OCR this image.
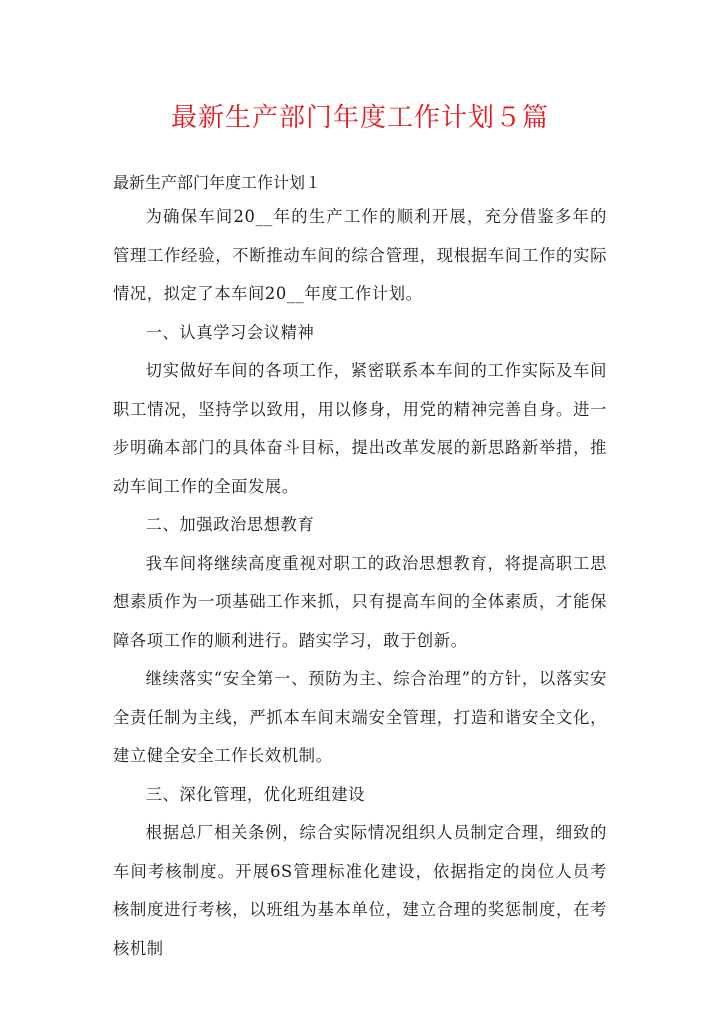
最新生产部门年度工作计划５篇
最新生产部门年度工作计划１

为确保车间20__年的生产工作的顺利开展，充分借鉴多年的管理工作经验，不断推动车间的综合管理，现根据车间工作的实际情况，拟定了本车间20__年度工作计划。

一、认真学习会议精神

切实做好车间的各项工作，紧密联系本车间的工作实际及车间职工情况，坚持学以致用，用以修身，用党的精神完善自身。进一步明确本部门的具体奋斗目标，提出改革发展的新思路新举措，推动车间工作的全面发展。

二、加强政治思想教育

我车间将继续高度重视对职工的政治思想教育，将提高职工思想素质作为一项基础工作来抓，只有提高车间的全体素质，才能保障各项工作的顺利进行。踏实学习，敢于创新。

继续落实“安全第一、预防为主、综合治理”的方针，以落实安全责任制为主线，严抓本车间末端安全管理，打造和谐安全文化，建立健全安全工作长效机制。

三、深化管理，优化班组建设

根据总厂相关条例，综合实际情况组织人员制定合理，细致的车间考核制度。开展6S管理标准化建设，依据指定的岗位人员考核制度进行考核，以班组为基本单位，建立合理的奖惩制度，在考核机制
